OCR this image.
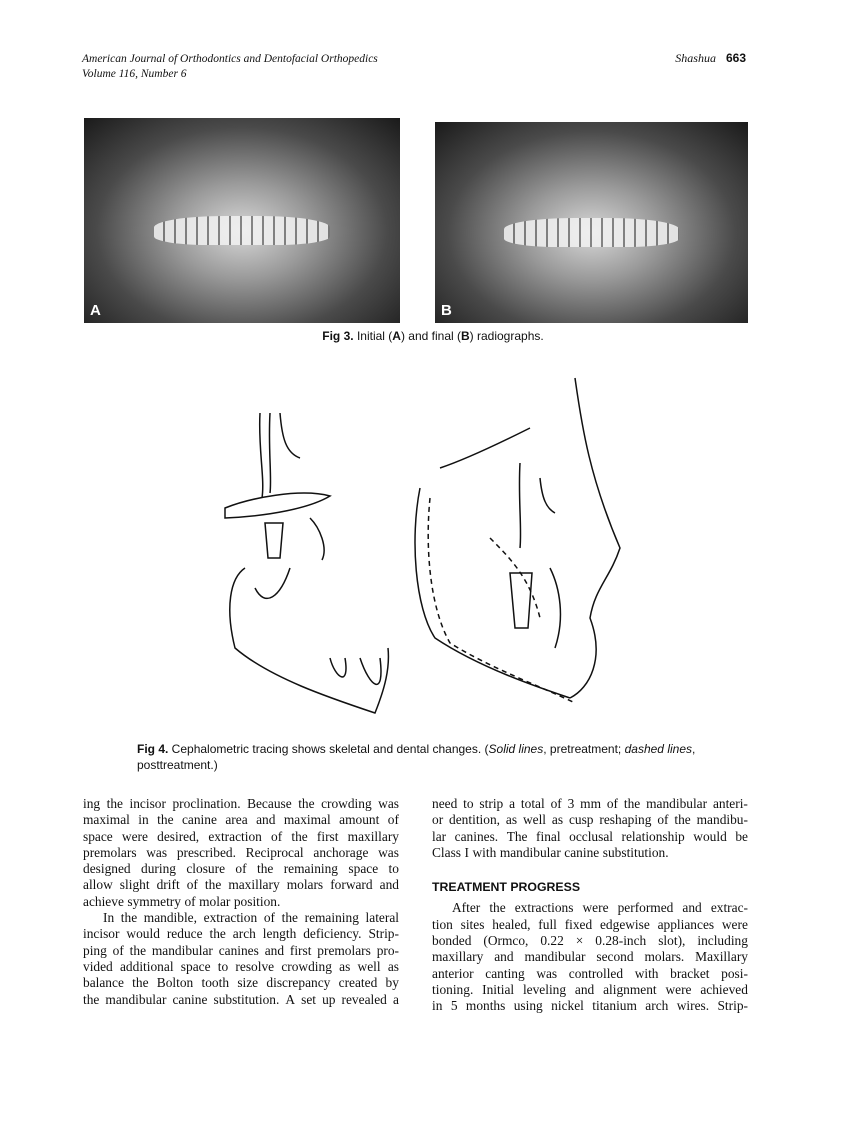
American Journal of Orthodontics and Dentofacial Orthopedics
Volume 116, Number 6
Shashua 663
A	B
Fig 3. Initial (A) and final (B) radiographs.
Fig 4. Cephalometric tracing shows skeletal and dental changes. (Solid lines, pretreatment; dashed lines, posttreatment.)
ing the incisor proclination. Because the crowding was
maximal in the canine area and maximal amount of
space were desired, extraction of the first maxillary
premolars was prescribed. Reciprocal anchorage was
designed during closure of the remaining space to
allow slight drift of the maxillary molars forward and
achieve symmetry of molar position.
In the mandible, extraction of the remaining lateral
incisor would reduce the arch length deficiency. Strip-
ping of the mandibular canines and first premolars pro-
vided additional space to resolve crowding as well as
balance the Bolton tooth size discrepancy created by
the mandibular canine substitution. A set up revealed a
need to strip a total of 3 mm of the mandibular anteri-
or dentition, as well as cusp reshaping of the mandibu-
lar canines. The final occlusal relationship would be
Class I with mandibular canine substitution.
TREATMENT PROGRESS
After the extractions were performed and extrac-
tion sites healed, full fixed edgewise appliances were
bonded (Ormco, 0.22 × 0.28-inch slot), including
maxillary and mandibular second molars. Maxillary
anterior canting was controlled with bracket posi-
tioning. Initial leveling and alignment were achieved
in 5 months using nickel titanium arch wires. Strip-
